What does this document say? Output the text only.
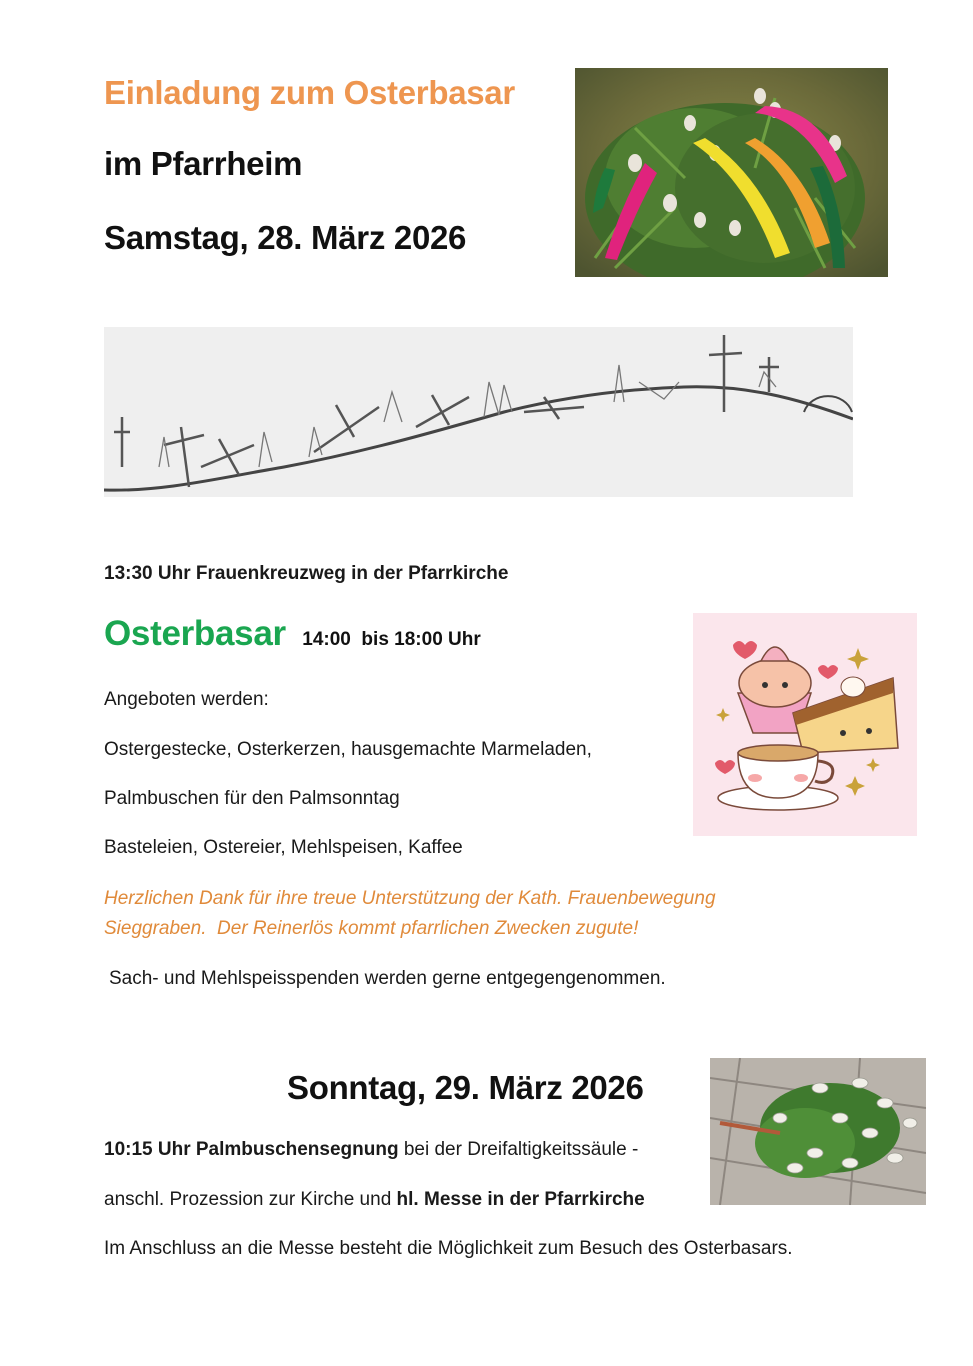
Einladung zum Osterbasar
im Pfarrheim
Samstag, 28. März 2026
13:30 Uhr Frauenkreuzweg in der Pfarrkirche
Osterbasar 14:00  bis 18:00 Uhr
Angeboten werden:
Ostergestecke, Osterkerzen, hausgemachte Marmeladen,
Palmbuschen für den Palmsonntag
Basteleien, Ostereier, Mehlspeisen, Kaffee
Herzlichen Dank für ihre treue Unterstützung der Kath. Frauenbewegung
Sieggraben.  Der Reinerlös kommt pfarrlichen Zwecken zugute!
Sach- und Mehlspeisspenden werden gerne entgegengenommen.
Sonntag, 29. März 2026
10:15 Uhr Palmbuschensegnung bei der Dreifaltigkeitssäule -
anschl. Prozession zur Kirche und hl. Messe in der Pfarrkirche
Im Anschluss an die Messe besteht die Möglichkeit zum Besuch des Osterbasars.
